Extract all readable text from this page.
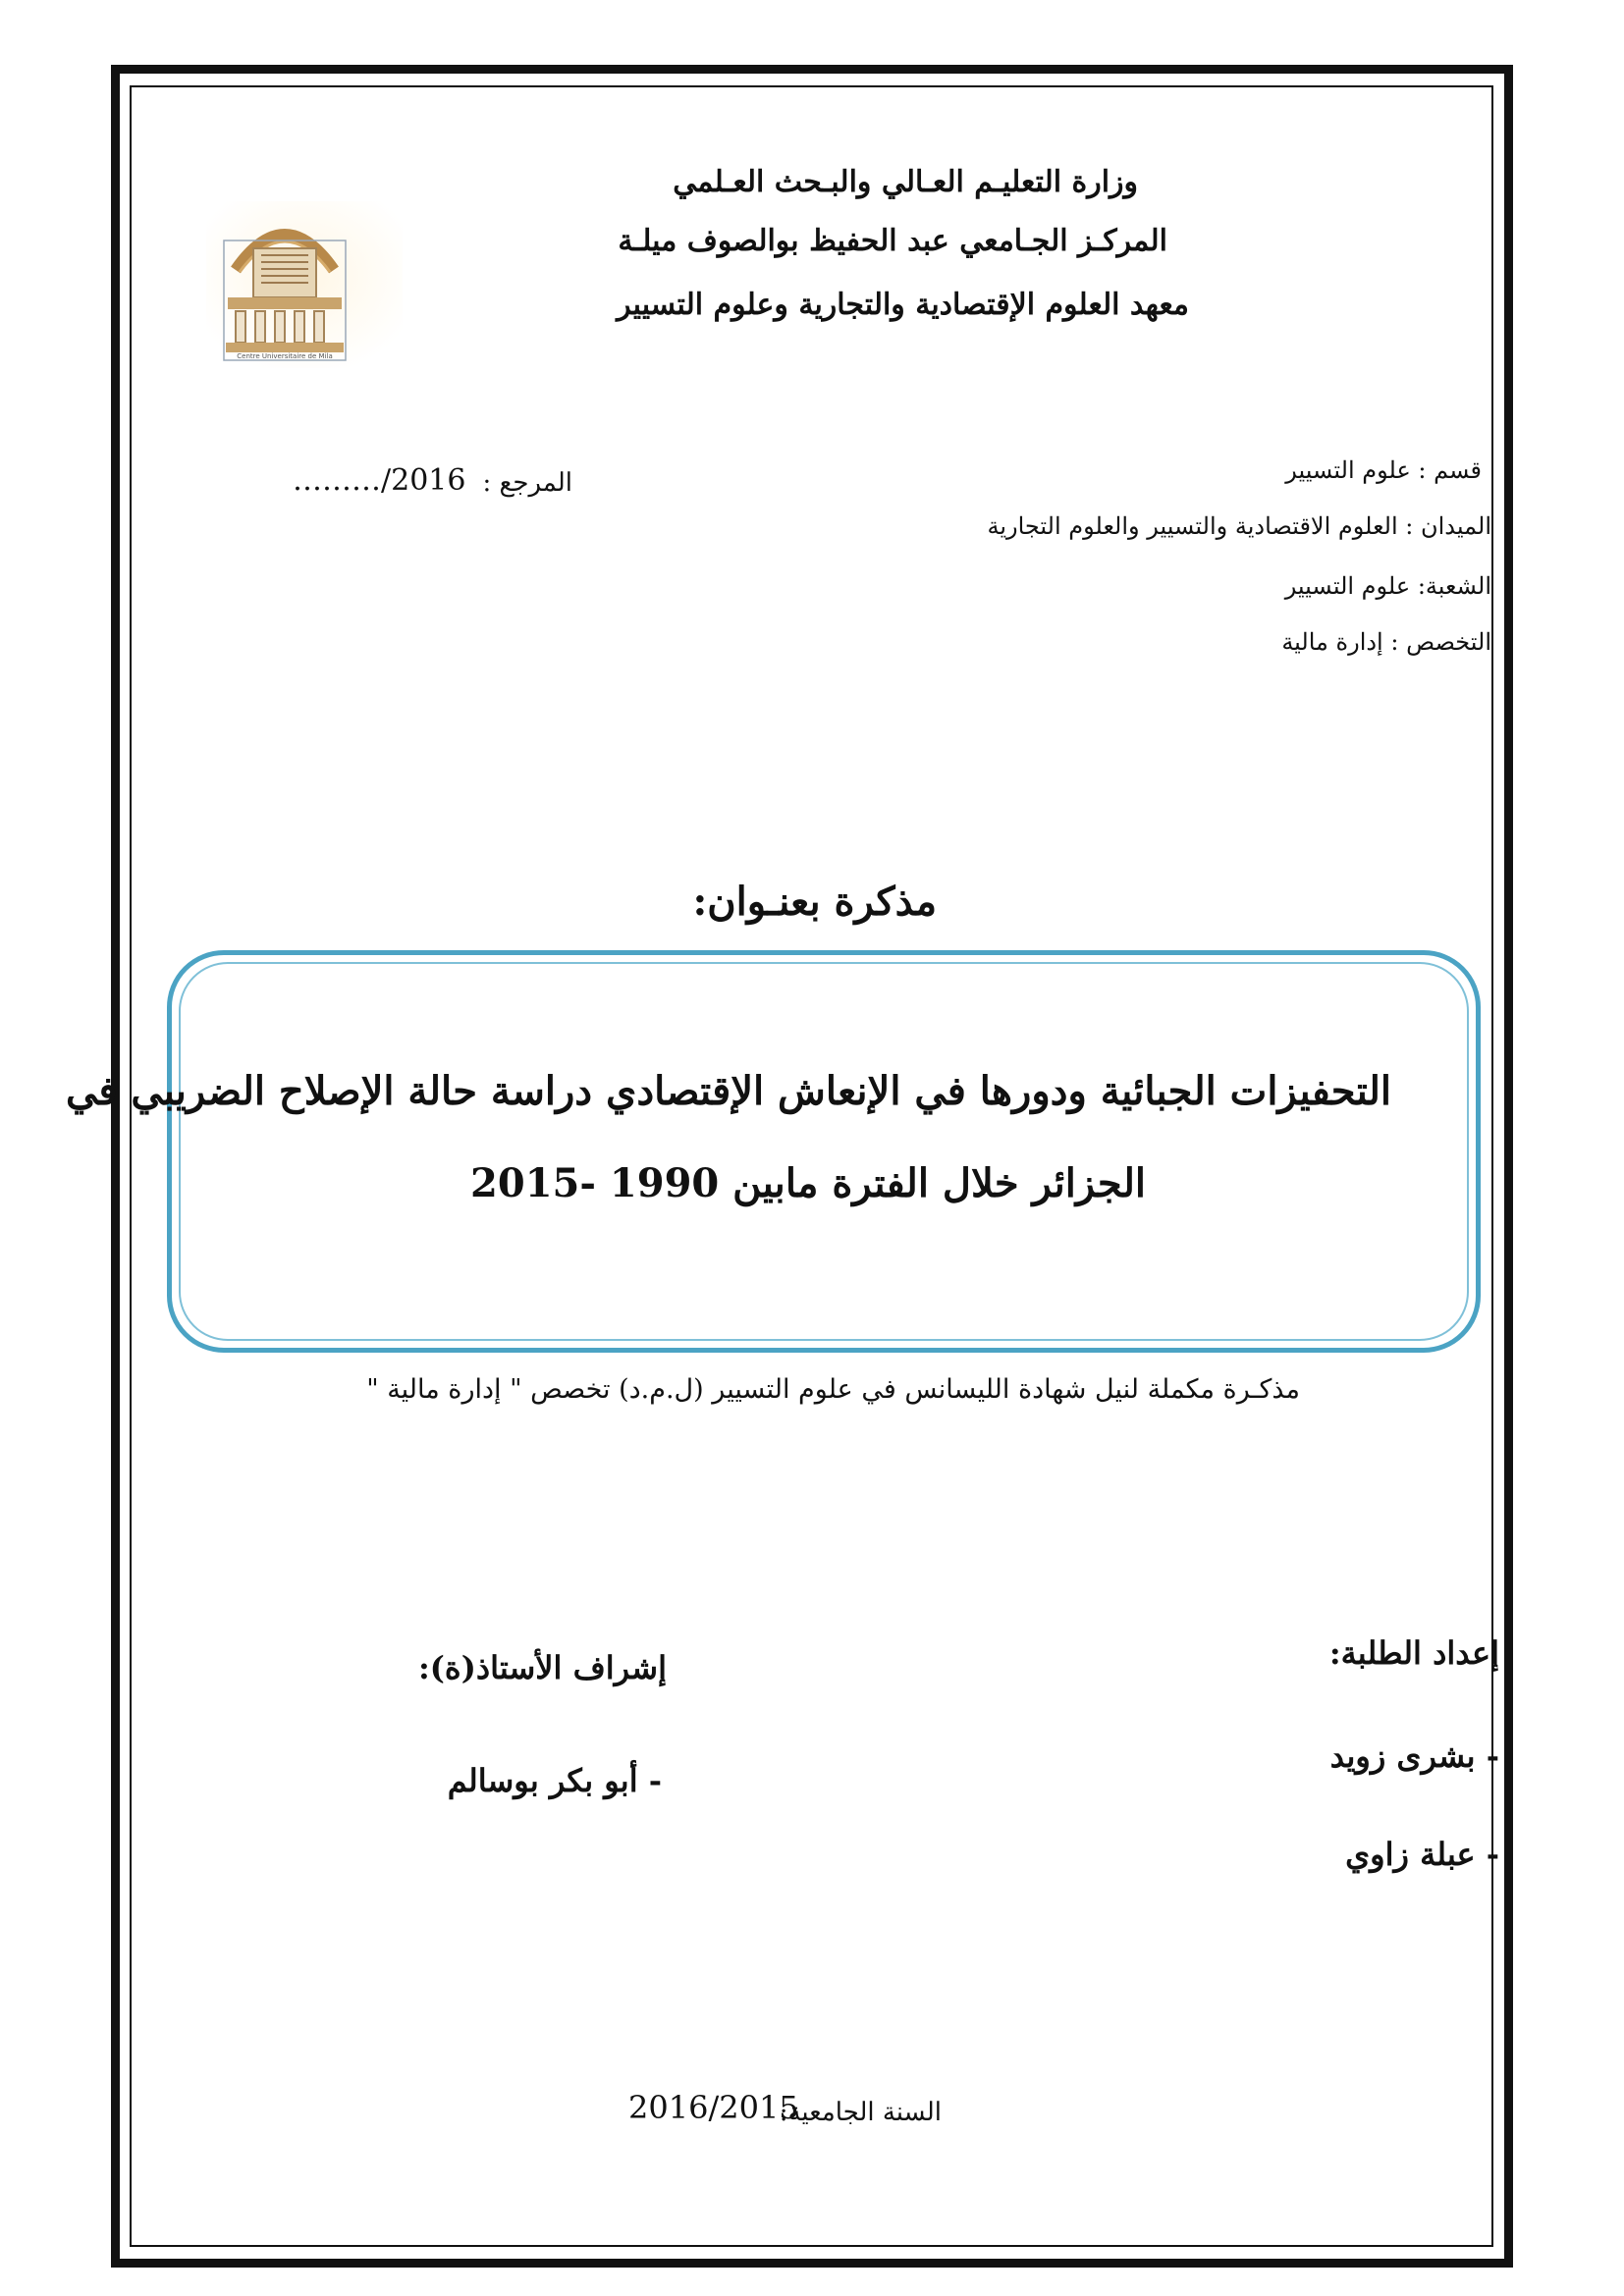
وزارة التعليـم العـالي والبـحث العـلمي
المركـز الجـامعي عبد الحفيظ بوالصوف ميلـة
معهد العلوم الإقتصادية والتجارية وعلوم التسيير
Centre Universitaire de Mila
المرجع :
………/2016	قسم : علوم التسيير
الميدان : العلوم الاقتصادية والتسيير والعلوم التجارية
الشعبة: علوم التسيير
التخصص : إدارة مالية
مذكرة بعنـوان:
التحفيزات الجبائية ودورها في الإنعاش الإقتصادي دراسة حالة الإصلاح الضريبي في
الجزائر خلال الفترة مابين 1990 -2015
مذكـرة مكملة لنيل شهادة الليسانس في علوم التسيير (ل.م.د) تخصص " إدارة مالية "
إعداد الطلبة:
- بشرى زويد
- عبلة زاوي
إشراف الأستاذ(ة):
- أبو بكر بوسالم
السنة الجامعية:
2016/2015
